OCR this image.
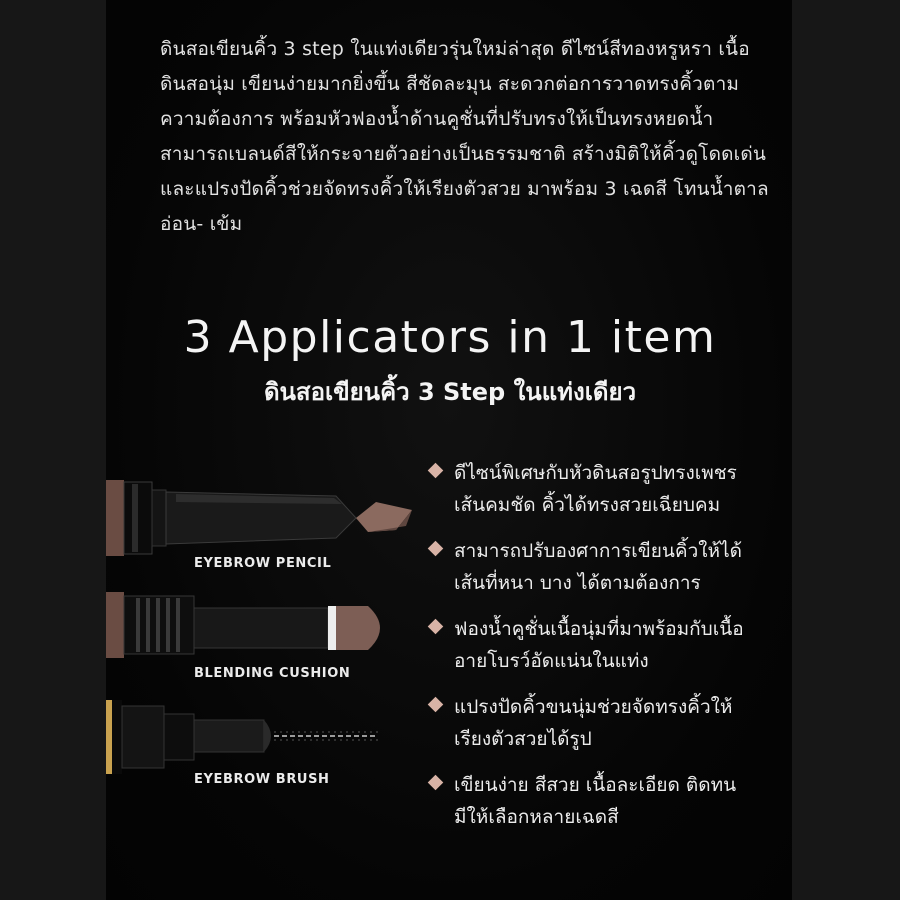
ดินสอเขียนคิ้ว 3 step ในแท่งเดียวรุ่นใหม่ล่าสุด ดีไซน์สีทองหรูหรา เนื้อ
ดินสอนุ่ม เขียนง่ายมากยิ่งขึ้น สีชัดละมุน สะดวกต่อการวาดทรงคิ้วตาม
ความต้องการ พร้อมหัวฟองน้ำด้านคูชั่นที่ปรับทรงให้เป็นทรงหยดน้ำ
สามารถเบลนด์สีให้กระจายตัวอย่างเป็นธรรมชาติ สร้างมิติให้คิ้วดูโดดเด่น
และแปรงปัดคิ้วช่วยจัดทรงคิ้วให้เรียงตัวสวย มาพร้อม 3 เฉดสี โทนน้ำตาล
อ่อน- เข้ม
3 Applicators in 1 item
ดินสอเขียนคิ้ว 3 Step ในแท่งเดียว
EYEBROW PENCIL
BLENDING CUSHION
EYEBROW BRUSH
ดีไซน์พิเศษกับหัวดินสอรูปทรงเพชร
เส้นคมชัด คิ้วได้ทรงสวยเฉียบคม
สามารถปรับองศาการเขียนคิ้วให้ได้
เส้นที่หนา บาง ได้ตามต้องการ
ฟองน้ำคูชั่นเนื้อนุ่มที่มาพร้อมกับเนื้อ
อายโบรว์อัดแน่นในแท่ง
แปรงปัดคิ้วขนนุ่มช่วยจัดทรงคิ้วให้
เรียงตัวสวยได้รูป
เขียนง่าย สีสวย เนื้อละเอียด ติดทน
มีให้เลือกหลายเฉดสี
